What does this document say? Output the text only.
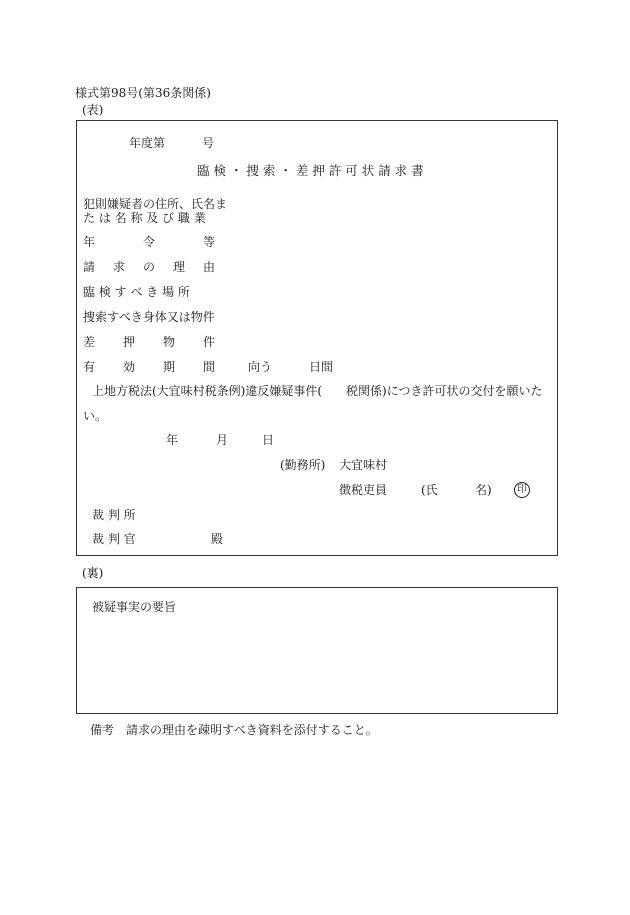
様式第98号(第36条関係)
(表)
年度第	号
臨 検 ・ 捜 索 ・ 差 押 許 可 状 請 求 書
犯則嫌疑者の住所、氏名ま
た は 名 称 及 び 職 業
年	令	等
請 求 の 理 由
臨 検 す べ き 場 所
捜索すべき身体又は物件
差 押 物 件
有 効 期 間	向う	日間
上地方税法(大宜味村税条例)違反嫌疑事件(　　税関係)につき許可状の交付を願いた
い。
年	月	日
(勤務所) 大宜味村
徴税吏員	(氏	名)	印
裁 判 所
裁 判 官	殿
(裏)
被疑事実の要旨
備考　請求の理由を疎明すべき資料を添付すること。
